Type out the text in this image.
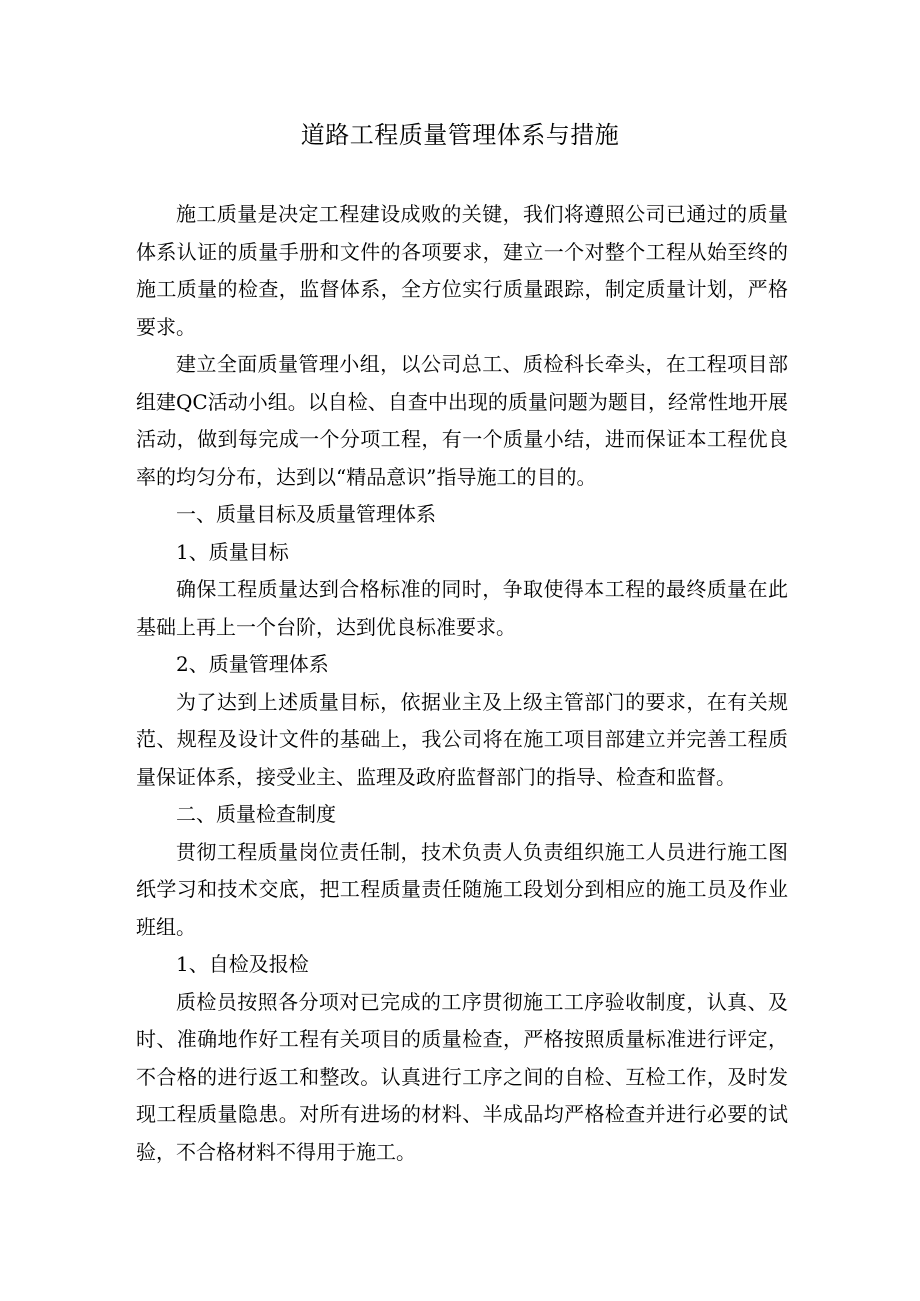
道路工程质量管理体系与措施

施工质量是决定工程建设成败的关键，我们将遵照公司已通过的质量体系认证的质量手册和文件的各项要求，建立一个对整个工程从始至终的施工质量的检查，监督体系，全方位实行质量跟踪，制定质量计划，严格要求。

建立全面质量管理小组，以公司总工、质检科长牵头，在工程项目部组建QC活动小组。以自检、自查中出现的质量问题为题目，经常性地开展活动，做到每完成一个分项工程，有一个质量小结，进而保证本工程优良率的均匀分布，达到以“精品意识”指导施工的目的。

一、质量目标及质量管理体系

1、质量目标

确保工程质量达到合格标准的同时，争取使得本工程的最终质量在此基础上再上一个台阶，达到优良标准要求。

2、质量管理体系

为了达到上述质量目标，依据业主及上级主管部门的要求，在有关规范、规程及设计文件的基础上，我公司将在施工项目部建立并完善工程质量保证体系，接受业主、监理及政府监督部门的指导、检查和监督。

二、质量检查制度

贯彻工程质量岗位责任制，技术负责人负责组织施工人员进行施工图纸学习和技术交底，把工程质量责任随施工段划分到相应的施工员及作业班组。

1、自检及报检

质检员按照各分项对已完成的工序贯彻施工工序验收制度，认真、及时、准确地作好工程有关项目的质量检查，严格按照质量标准进行评定，不合格的进行返工和整改。认真进行工序之间的自检、互检工作，及时发现工程质量隐患。对所有进场的材料、半成品均严格检查并进行必要的试验，不合格材料不得用于施工。
